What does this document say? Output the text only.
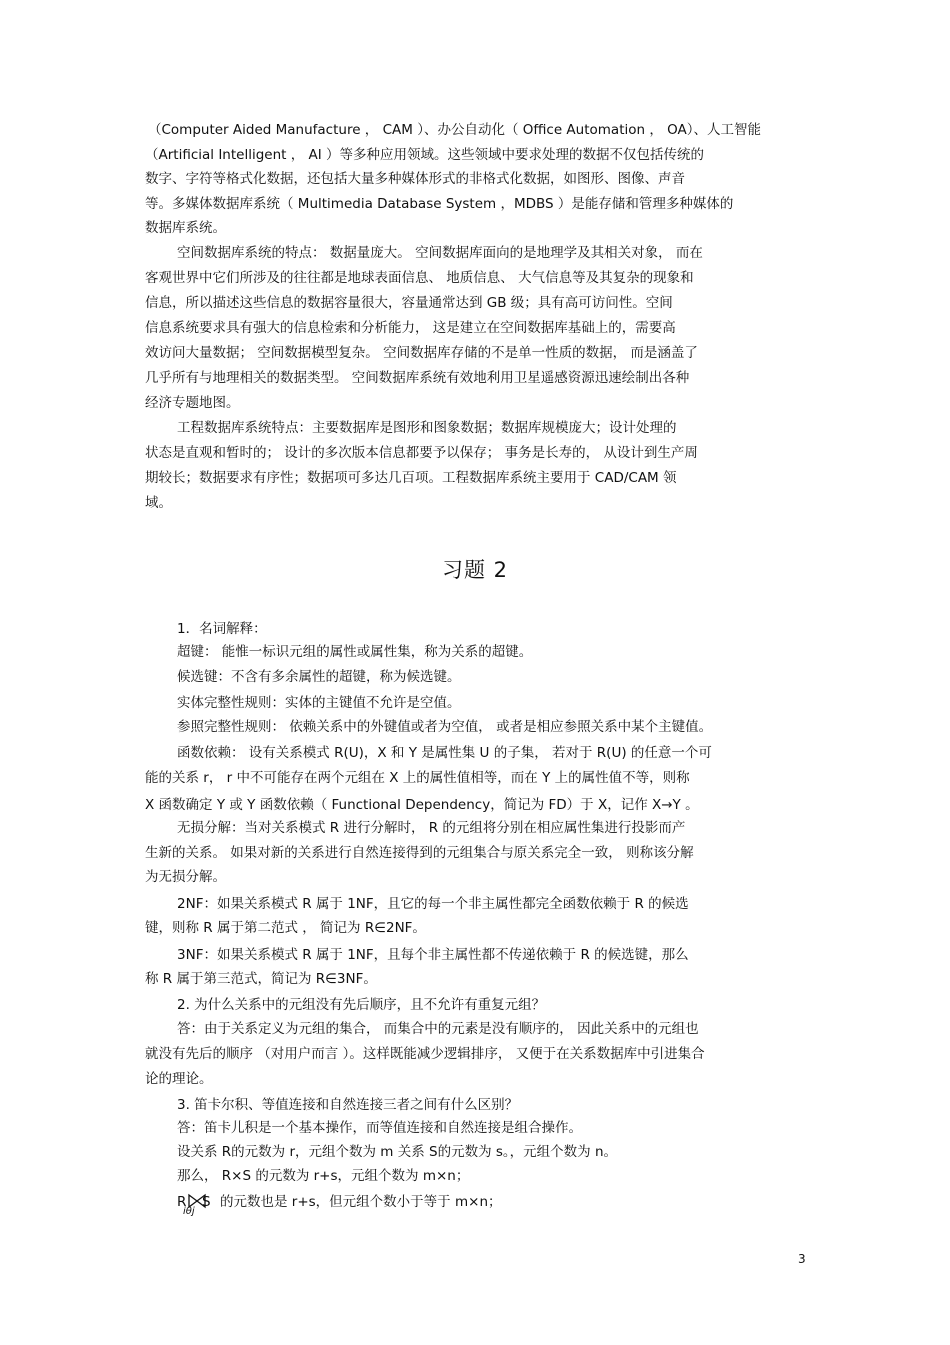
（Computer Aided Manufacture ， CAM ）、办公自动化（ Office Automation ， OA）、人工智能
（Artificial Intelligent ， AI ）等多种应用领域。这些领域中要求处理的数据不仅包括传统的
数字、字符等格式化数据，还包括大量多种媒体形式的非格式化数据，如图形、图像、声音
等。多媒体数据库系统（ Multimedia Database System ，MDBS ）是能存储和管理多种媒体的
数据库系统。
空间数据库系统的特点： 数据量庞大。 空间数据库面向的是地理学及其相关对象， 而在
客观世界中它们所涉及的往往都是地球表面信息、 地质信息、 大气信息等及其复杂的现象和
信息，所以描述这些信息的数据容量很大，容量通常达到 GB 级；具有高可访问性。空间
信息系统要求具有强大的信息检索和分析能力， 这是建立在空间数据库基础上的，需要高
效访问大量数据； 空间数据模型复杂。 空间数据库存储的不是单一性质的数据， 而是涵盖了
几乎所有与地理相关的数据类型。 空间数据库系统有效地利用卫星遥感资源迅速绘制出各种
经济专题地图。
工程数据库系统特点：主要数据库是图形和图象数据；数据库规模庞大；设计处理的
状态是直观和暂时的； 设计的多次版本信息都要予以保存； 事务是长寿的， 从设计到生产周
期较长；数据要求有序性；数据项可多达几百项。工程数据库系统主要用于 CAD/CAM 领
域。
习题 2
1．名词解释：
超键： 能惟一标识元组的属性或属性集，称为关系的超键。
候选键：不含有多余属性的超键，称为候选键。
实体完整性规则：实体的主键值不允许是空值。
参照完整性规则： 依赖关系中的外键值或者为空值， 或者是相应参照关系中某个主键值。
函数依赖： 设有关系模式 R(U)，X 和 Y 是属性集 U 的子集， 若对于 R(U) 的任意一个可
能的关系 r， r 中不可能存在两个元组在 X 上的属性值相等，而在 Y 上的属性值不等，则称
X 函数确定 Y 或 Y 函数依赖（ Functional Dependency，简记为 FD）于 X，记作 X→Y 。
无损分解：当对关系模式 R 进行分解时， R 的元组将分别在相应属性集进行投影而产
生新的关系。 如果对新的关系进行自然连接得到的元组集合与原关系完全一致， 则称该分解
为无损分解。
2NF：如果关系模式 R 属于 1NF，且它的每一个非主属性都完全函数依赖于 R 的候选
键，则称 R 属于第二范式 ， 简记为 R∈2NF。
3NF：如果关系模式 R 属于 1NF，且每个非主属性都不传递依赖于 R 的候选键，那么
称 R 属于第三范式，简记为 R∈3NF。
2. 为什么关系中的元组没有先后顺序，且不允许有重复元组？
答：由于关系定义为元组的集合， 而集合中的元素是没有顺序的， 因此关系中的元组也
就没有先后的顺序 （对用户而言 ）。这样既能减少逻辑排序， 又便于在关系数据库中引进集合
论的理论。
3. 笛卡尔积、等值连接和自然连接三者之间有什么区别？
答：笛卡儿积是一个基本操作，而等值连接和自然连接是组合操作。
设关系 R的元数为 r，元组个数为 m 关系 S的元数为 s。，元组个数为 n。
那么， R×S 的元数为 r+s，元组个数为 m×n；
R S
iθj
的元数也是 r+s，但元组个数小于等于 m×n；
3
